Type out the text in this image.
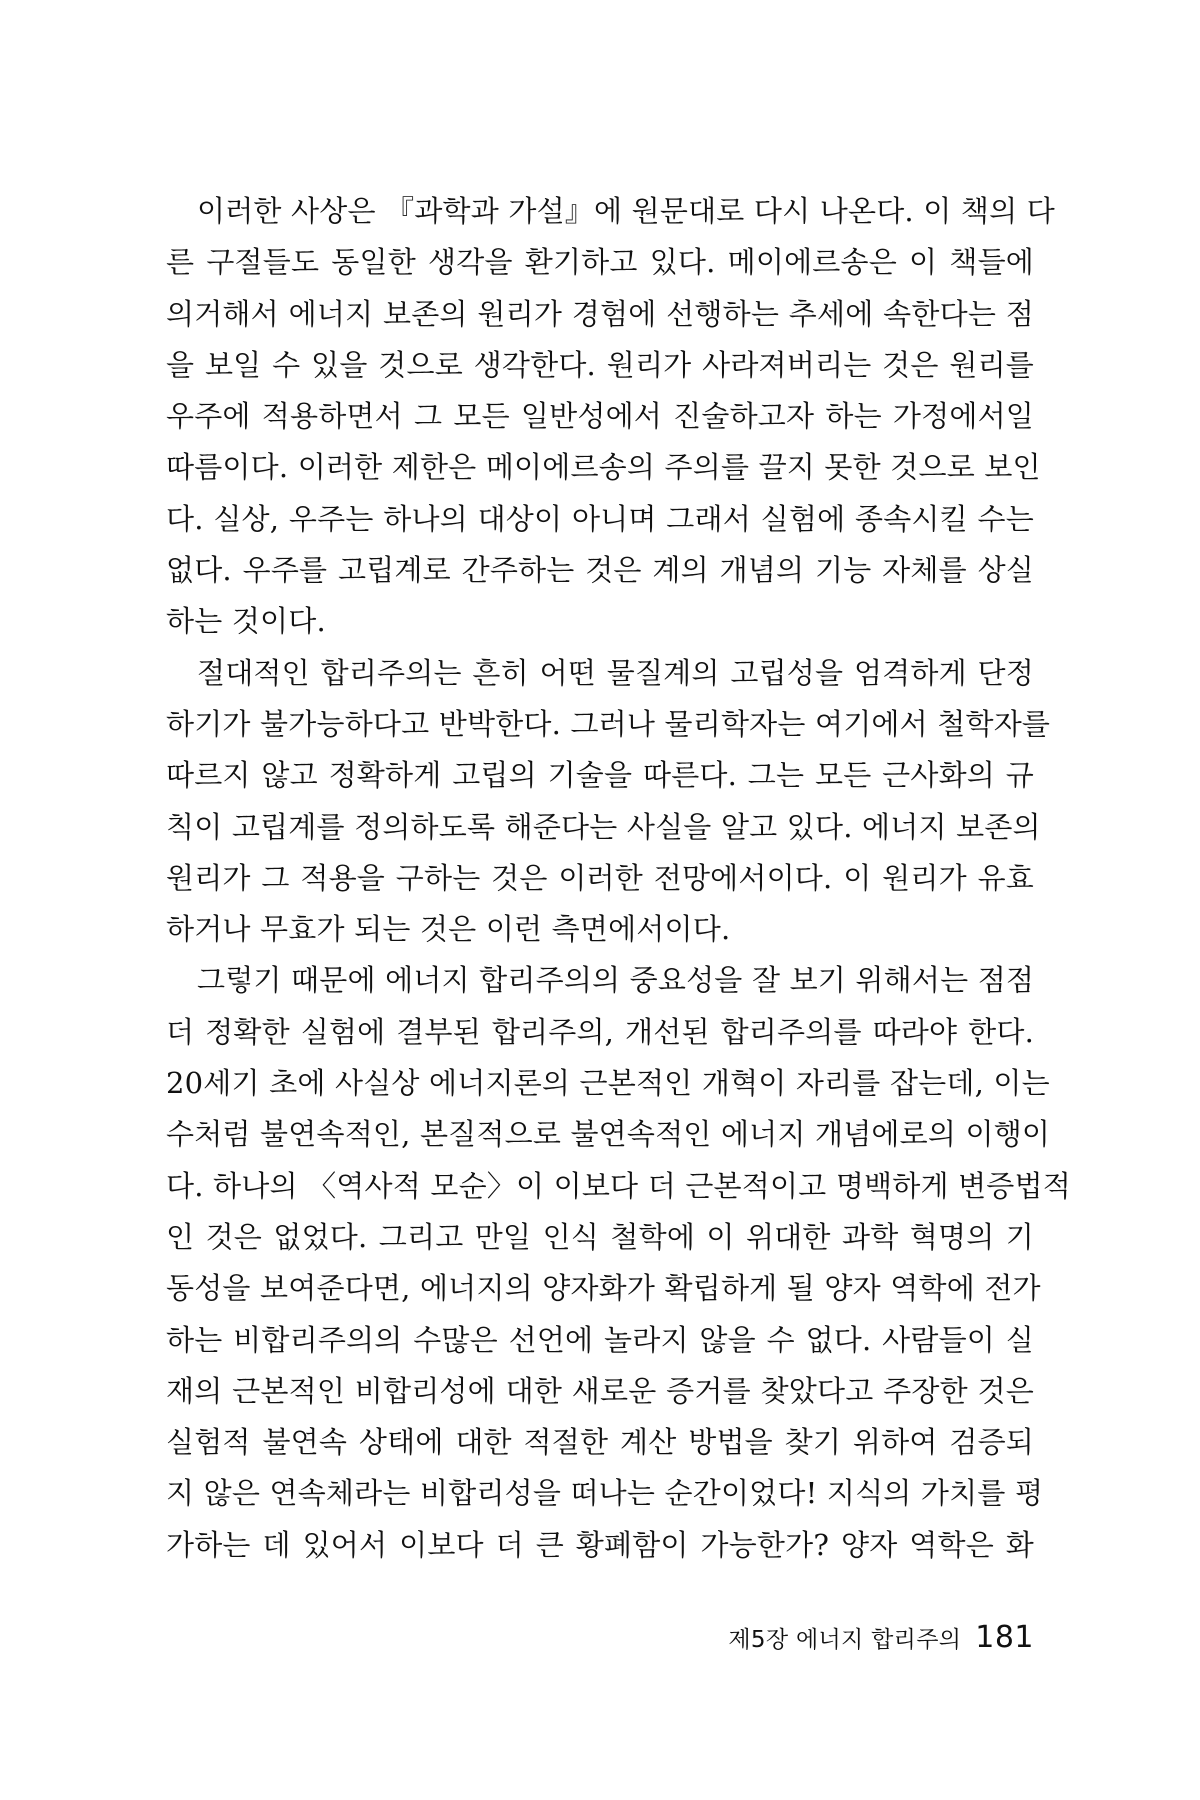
이러한 사상은 『과학과 가설』에 원문대로 다시 나온다. 이 책의 다
른 구절들도 동일한 생각을 환기하고 있다. 메이에르송은 이 책들에
의거해서 에너지 보존의 원리가 경험에 선행하는 추세에 속한다는 점
을 보일 수 있을 것으로 생각한다. 원리가 사라져버리는 것은 원리를
우주에 적용하면서 그 모든 일반성에서 진술하고자 하는 가정에서일
따름이다. 이러한 제한은 메이에르송의 주의를 끌지 못한 것으로 보인
다. 실상, 우주는 하나의 대상이 아니며 그래서 실험에 종속시킬 수는
없다. 우주를 고립계로 간주하는 것은 계의 개념의 기능 자체를 상실
하는 것이다.
절대적인 합리주의는 흔히 어떤 물질계의 고립성을 엄격하게 단정
하기가 불가능하다고 반박한다. 그러나 물리학자는 여기에서 철학자를
따르지 않고 정확하게 고립의 기술을 따른다. 그는 모든 근사화의 규
칙이 고립계를 정의하도록 해준다는 사실을 알고 있다. 에너지 보존의
원리가 그 적용을 구하는 것은 이러한 전망에서이다. 이 원리가 유효
하거나 무효가 되는 것은 이런 측면에서이다.
그렇기 때문에 에너지 합리주의의 중요성을 잘 보기 위해서는 점점
더 정확한 실험에 결부된 합리주의, 개선된 합리주의를 따라야 한다.
20세기 초에 사실상 에너지론의 근본적인 개혁이 자리를 잡는데, 이는
수처럼 불연속적인, 본질적으로 불연속적인 에너지 개념에로의 이행이
다. 하나의 〈역사적 모순〉이 이보다 더 근본적이고 명백하게 변증법적
인 것은 없었다. 그리고 만일 인식 철학에 이 위대한 과학 혁명의 기
동성을 보여준다면, 에너지의 양자화가 확립하게 될 양자 역학에 전가
하는 비합리주의의 수많은 선언에 놀라지 않을 수 없다. 사람들이 실
재의 근본적인 비합리성에 대한 새로운 증거를 찾았다고 주장한 것은
실험적 불연속 상태에 대한 적절한 계산 방법을 찾기 위하여 검증되
지 않은 연속체라는 비합리성을 떠나는 순간이었다! 지식의 가치를 평
가하는 데 있어서 이보다 더 큰 황폐함이 가능한가? 양자 역학은 화
제5장 에너지 합리주의 181
